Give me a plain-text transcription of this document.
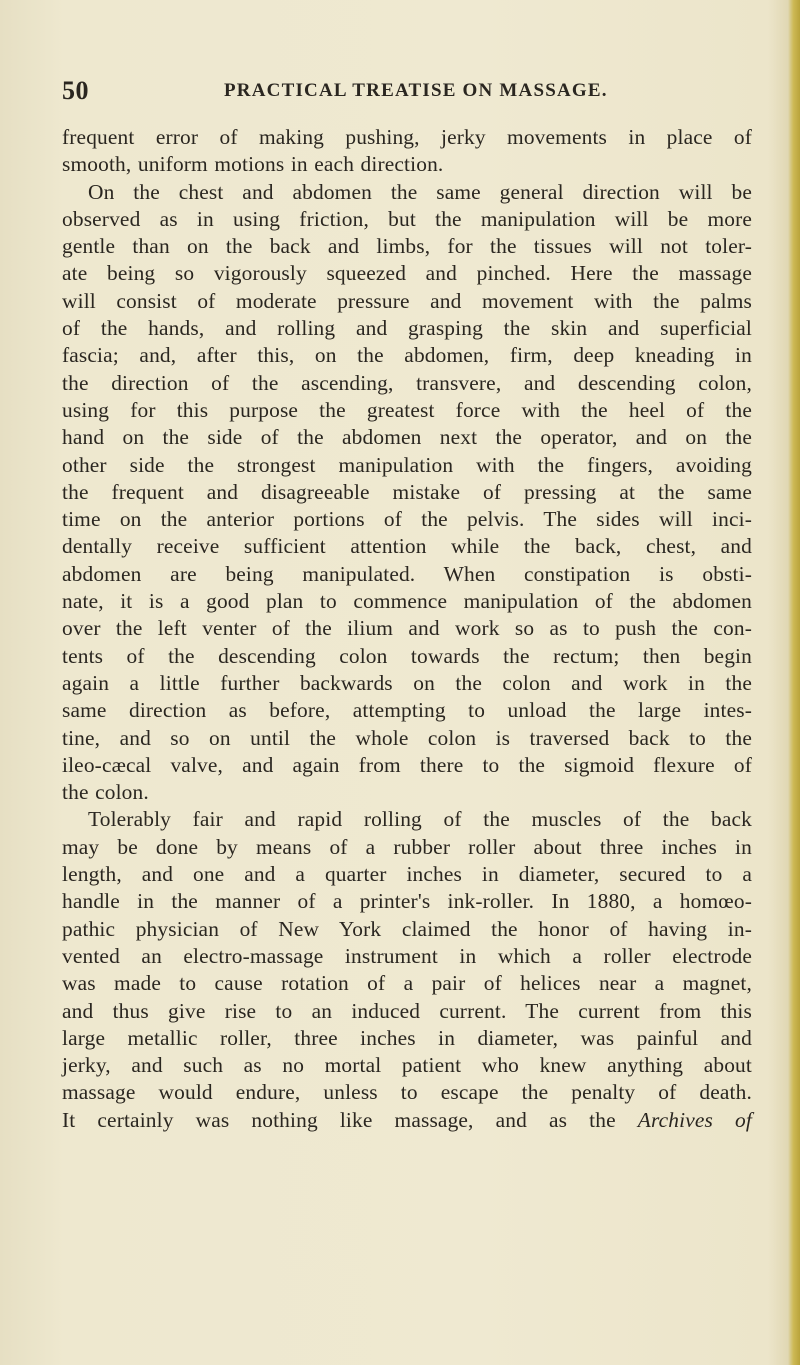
50	PRACTICAL TREATISE ON MASSAGE.
frequent error of making pushing, jerky movements in place of
smooth, uniform motions in each direction.
On the chest and abdomen the same general direction will be
observed as in using friction, but the manipulation will be more
gentle than on the back and limbs, for the tissues will not toler-
ate being so vigorously squeezed and pinched. Here the massage
will consist of moderate pressure and movement with the palms
of the hands, and rolling and grasping the skin and superficial
fascia; and, after this, on the abdomen, firm, deep kneading in
the direction of the ascending, transvere, and descending colon,
using for this purpose the greatest force with the heel of the
hand on the side of the abdomen next the operator, and on the
other side the strongest manipulation with the fingers, avoiding
the frequent and disagreeable mistake of pressing at the same
time on the anterior portions of the pelvis. The sides will inci-
dentally receive sufficient attention while the back, chest, and
abdomen are being manipulated. When constipation is obsti-
nate, it is a good plan to commence manipulation of the abdomen
over the left venter of the ilium and work so as to push the con-
tents of the descending colon towards the rectum; then begin
again a little further backwards on the colon and work in the
same direction as before, attempting to unload the large intes-
tine, and so on until the whole colon is traversed back to the
ileo-cæcal valve, and again from there to the sigmoid flexure of
the colon.
Tolerably fair and rapid rolling of the muscles of the back
may be done by means of a rubber roller about three inches in
length, and one and a quarter inches in diameter, secured to a
handle in the manner of a printer's ink-roller. In 1880, a homœo-
pathic physician of New York claimed the honor of having in-
vented an electro-massage instrument in which a roller electrode
was made to cause rotation of a pair of helices near a magnet,
and thus give rise to an induced current. The current from this
large metallic roller, three inches in diameter, was painful and
jerky, and such as no mortal patient who knew anything about
massage would endure, unless to escape the penalty of death.
It certainly was nothing like massage, and as the Archives of
